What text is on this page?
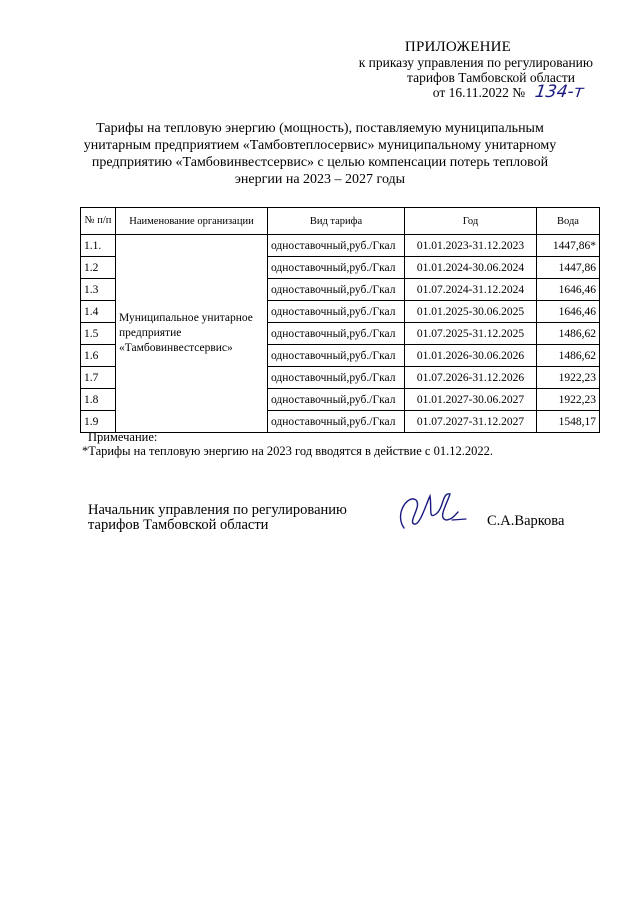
ПРИЛОЖЕНИЕ
к приказу управления по регулированию
тарифов Тамбовской области
от 16.11.2022 № 134-т
Тарифы на тепловую энергию (мощность), поставляемую муниципальным унитарным предприятием «Тамбовтеплосервис» муниципальному унитарному предприятию «Тамбовинвестсервис» с целью компенсации потерь тепловой энергии на 2023 – 2027 годы
№ п/п	Наименование организации	Вид тарифа	Год	Вода
1.1.	Муниципальное унитарное предприятие «Тамбовинвестсервис»	одноставочный,руб./Гкал	01.01.2023-31.12.2023	1447,86*
1.2		одноставочный,руб./Гкал	01.01.2024-30.06.2024	1447,86
1.3		одноставочный,руб./Гкал	01.07.2024-31.12.2024	1646,46
1.4		одноставочный,руб./Гкал	01.01.2025-30.06.2025	1646,46
1.5		одноставочный,руб./Гкал	01.07.2025-31.12.2025	1486,62
1.6		одноставочный,руб./Гкал	01.01.2026-30.06.2026	1486,62
1.7		одноставочный,руб./Гкал	01.07.2026-31.12.2026	1922,23
1.8		одноставочный,руб./Гкал	01.01.2027-30.06.2027	1922,23
1.9		одноставочный,руб./Гкал	01.07.2027-31.12.2027	1548,17
Примечание:
*Тарифы на тепловую энергию на 2023 год вводятся в действие с 01.12.2022.
Начальник управления по регулированию
тарифов Тамбовской области	С.А.Варкова
